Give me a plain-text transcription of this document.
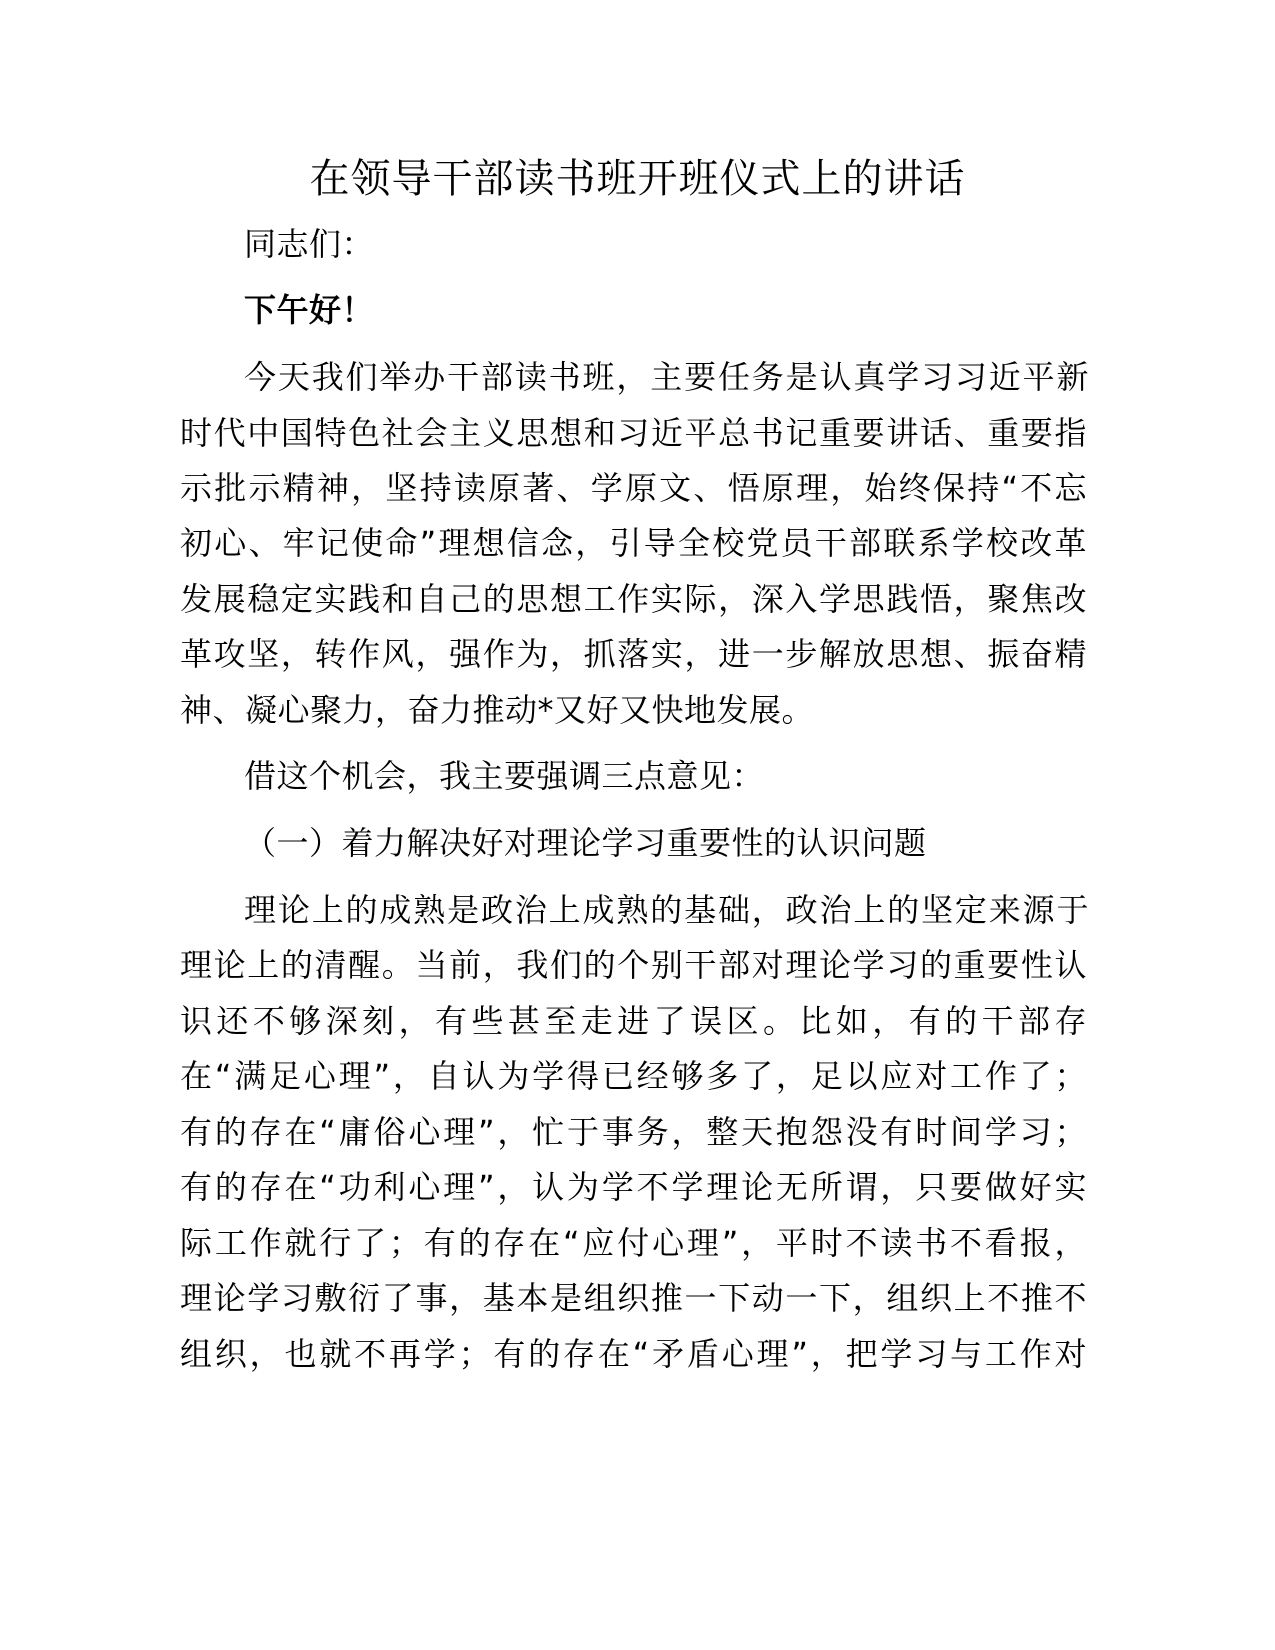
在领导干部读书班开班仪式上的讲话
同志们：
下午好！
今天我们举办干部读书班，主要任务是认真学习习近平新
时代中国特色社会主义思想和习近平总书记重要讲话、重要指
示批示精神，坚持读原著、学原文、悟原理，始终保持“不忘
初心、牢记使命”理想信念，引导全校党员干部联系学校改革
发展稳定实践和自己的思想工作实际，深入学思践悟，聚焦改
革攻坚，转作风，强作为，抓落实，进一步解放思想、振奋精
神、凝心聚力，奋力推动*又好又快地发展。
借这个机会，我主要强调三点意见：
（一）着力解决好对理论学习重要性的认识问题
理论上的成熟是政治上成熟的基础，政治上的坚定来源于
理论上的清醒。当前，我们的个别干部对理论学习的重要性认
识还不够深刻，有些甚至走进了误区。比如，有的干部存
在“满足心理”，自认为学得已经够多了，足以应对工作了；
有的存在“庸俗心理”，忙于事务，整天抱怨没有时间学习；
有的存在“功利心理”，认为学不学理论无所谓，只要做好实
际工作就行了；有的存在“应付心理”，平时不读书不看报，
理论学习敷衍了事，基本是组织推一下动一下，组织上不推不
组织，也就不再学；有的存在“矛盾心理”，把学习与工作对
